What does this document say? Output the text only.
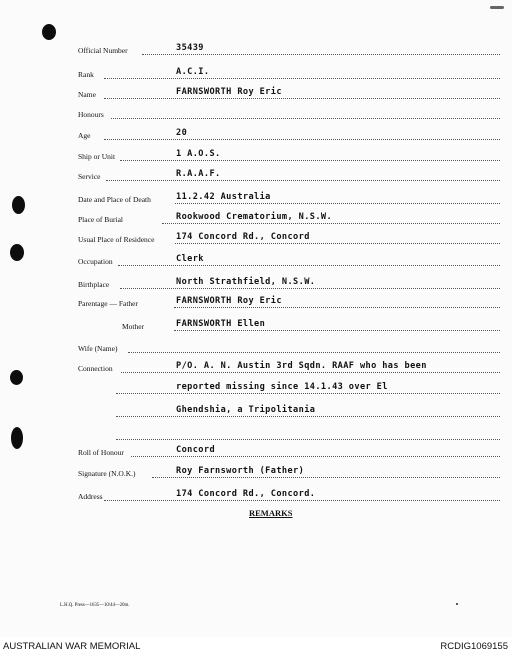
Official Number	35439
Rank	A.C.I.
Name	FARNSWORTH Roy Eric
Honours
Age	20
Ship or Unit	1 A.O.S.
Service	R.A.A.F.
Date and Place of Death	11.2.42 Australia
Place of Burial	Rookwood Crematorium, N.S.W.
Usual Place of Residence	174 Concord Rd., Concord
Occupation	Clerk
Birthplace	North Strathfield, N.S.W.
Parentage — Father	FARNSWORTH Roy Eric
Mother	FARNSWORTH Ellen
Wife (Name)
Connection	P/O. A. N. Austin 3rd Sqdn. RAAF who has been
reported missing since 14.1.43 over El
Ghendshia, a Tripolitania
Roll of Honour	Concord
Signature (N.O.K.)	Roy Farnsworth (Father)
Address	174 Concord Rd., Concord.
REMARKS
L.H.Q. Press—1635—10/44—20m.
AUSTRALIAN WAR MEMORIAL	RCDIG1069155
